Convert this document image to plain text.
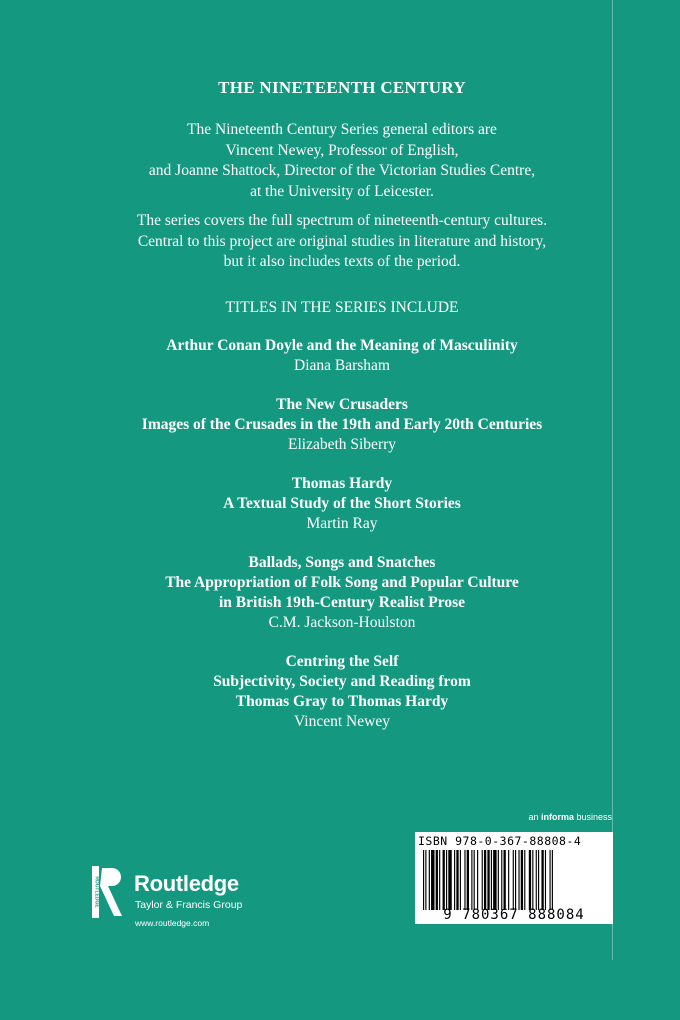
THE NINETEENTH CENTURY
The Nineteenth Century Series general editors are
Vincent Newey, Professor of English,
and Joanne Shattock, Director of the Victorian Studies Centre,
at the University of Leicester.
The series covers the full spectrum of nineteenth-century cultures.
Central to this project are original studies in literature and history,
but it also includes texts of the period.
TITLES IN THE SERIES INCLUDE
Arthur Conan Doyle and the Meaning of Masculinity
Diana Barsham
The New Crusaders
Images of the Crusades in the 19th and Early 20th Centuries
Elizabeth Siberry
Thomas Hardy
A Textual Study of the Short Stories
Martin Ray
Ballads, Songs and Snatches
The Appropriation of Folk Song and Popular Culture
in British 19th-Century Realist Prose
C.M. Jackson-Houlston
Centring the Self
Subjectivity, Society and Reading from
Thomas Gray to Thomas Hardy
Vincent Newey
an informa business
ISBN 978-0-367-88808-4
9 780367 888084
ROUTLEDGE Routledge
Taylor & Francis Group
www.routledge.com
